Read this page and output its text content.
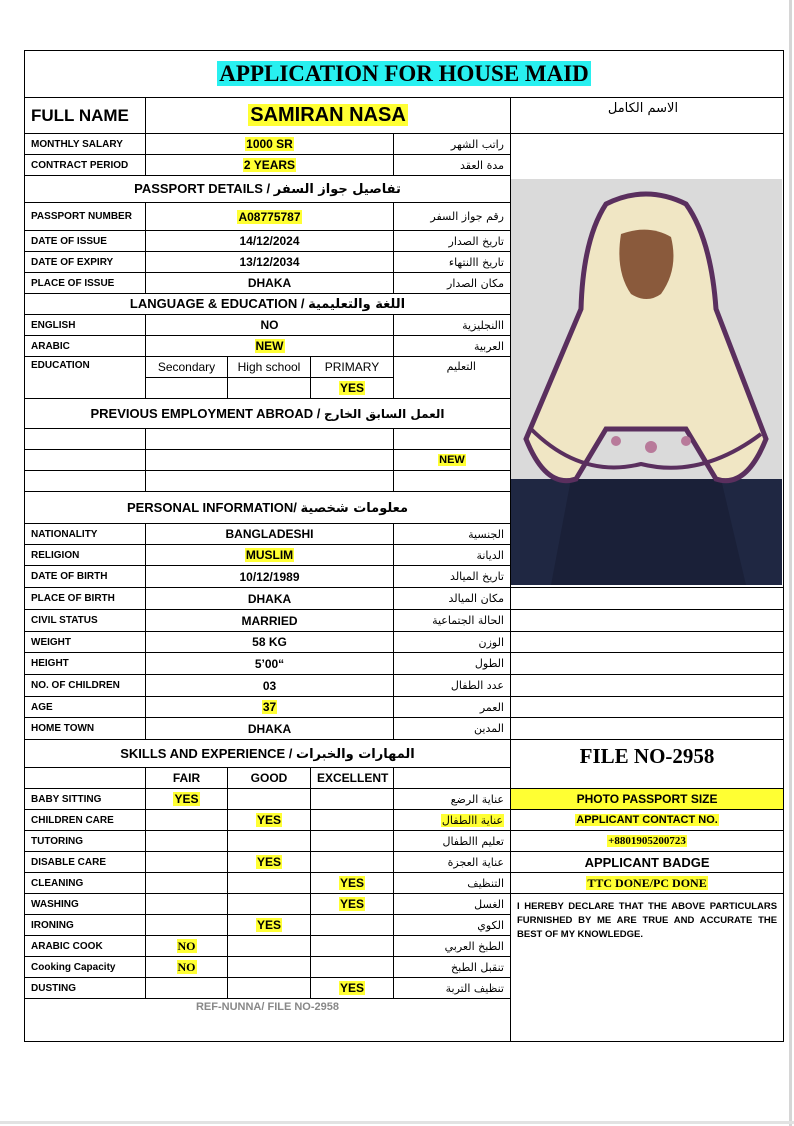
APPLICATION FOR HOUSE MAID					
FULL NAME	SAMIRAN NASA				الاسم الكامل
MONTHLY SALARY	1000 SR			راتب الشهر	

CONTRACT PERIOD	2 YEARS			مدة العقد	
PASSPORT DETAILS / تفاصيل جواز السفر					
PASSPORT NUMBER	A08775787			رقم جواز السفر	
DATE OF ISSUE	14/12/2024			تاريخ الصدار	
DATE OF EXPIRY	13/12/2034			تاريخ االنتهاء	
PLACE OF ISSUE	DHAKA			مكان الصدار	
LANGUAGE & EDUCATION / اللغة والتعليمية					
ENGLISH	NO			االنجليزية	
ARABIC	NEW			العربية	
EDUCATION	Secondary	High school	PRIMARY	التعليم	
			YES		
PREVIOUS EMPLOYMENT ABROAD / العمل السابق الخارج					

				NEW	

PERSONAL INFORMATION/ معلومات شخصية					
NATIONALITY	BANGLADESHI			الجنسية	
RELIGION	MUSLIM			الديانة	
DATE OF BIRTH	10/12/1989			تاريخ الميالد	
PLACE OF BIRTH	DHAKA			مكان الميالد	
CIVIL STATUS	MARRIED			الحالة الجتماعية	
WEIGHT	58 KG			الوزن	
HEIGHT	5’00“			الطول	
NO. OF CHILDREN	03			عدد الطفال	
AGE	37			العمر	
HOME TOWN	DHAKA			المدين	
SKILLS AND EXPERIENCE / المهارات والخبرات					FILE NO-2958
	FAIR	GOOD	EXCELLENT		
BABY SITTING	YES			عناية الرضع	PHOTO PASSPORT SIZE
CHILDREN CARE		YES		عناية االطفال	APPLICANT CONTACT NO.
TUTORING				تعليم االطفال	+8801905200723
DISABLE CARE		YES		عناية العجزة	APPLICANT BADGE
CLEANING			YES	التنظيف	TTC DONE/PC DONE
WASHING			YES	الغسل	I HEREBY DECLARE THAT THE ABOVE PARTICULARS FURNISHED BY ME ARE TRUE AND ACCURATE THE BEST OF MY KNOWLEDGE.
IRONING		YES		الكوي	
ARABIC COOK	NO			الطبخ العربي	
Cooking Capacity	NO			تنقبل الطبخ	
DUSTING			YES	تنظيف التربة	
REF-NUNNA/ FILE NO-2958					
